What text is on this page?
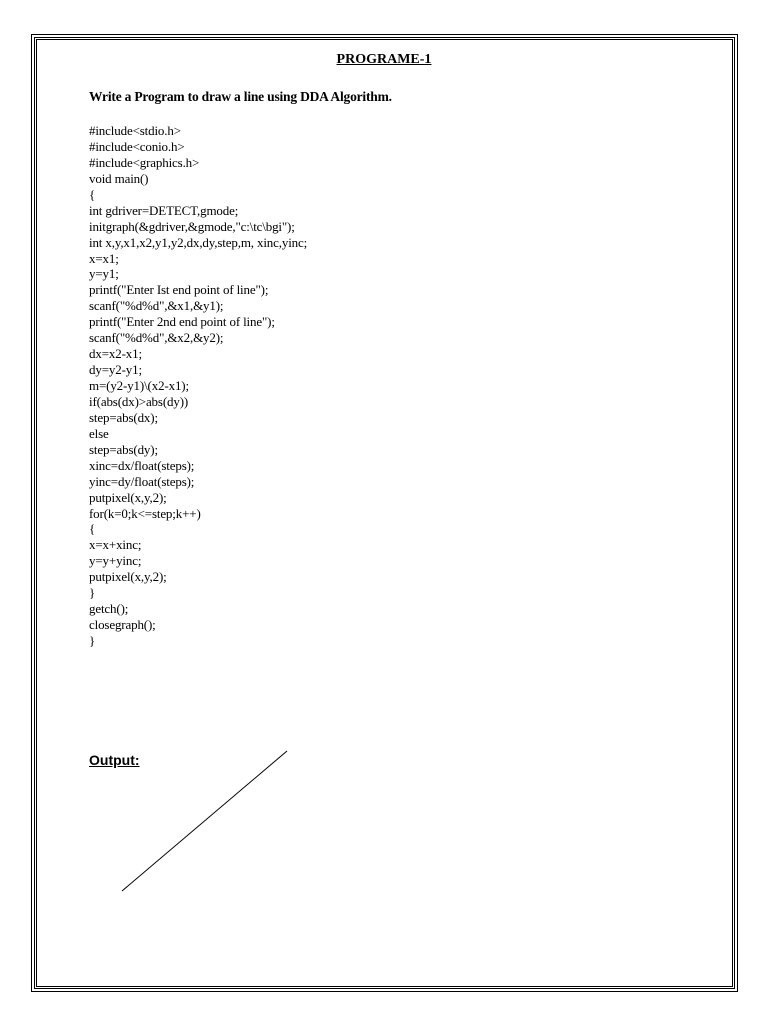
PROGRAME-1
Write a Program to draw a line using DDA Algorithm.
#include<stdio.h>
#include<conio.h>
#include<graphics.h>
void main()
{
int gdriver=DETECT,gmode;
initgraph(&gdriver,&gmode,"c:\tc\bgi");
int x,y,x1,x2,y1,y2,dx,dy,step,m, xinc,yinc;
x=x1;
y=y1;
printf("Enter Ist end point of line");
scanf("%d%d",&x1,&y1);
printf("Enter 2nd end point of line");
scanf("%d%d",&x2,&y2);
dx=x2-x1;
dy=y2-y1;
m=(y2-y1)\(x2-x1);
if(abs(dx)>abs(dy))
step=abs(dx);
else
step=abs(dy);
xinc=dx/float(steps);
yinc=dy/float(steps);
putpixel(x,y,2);
for(k=0;k<=step;k++)
{
x=x+xinc;
y=y+yinc;
putpixel(x,y,2);
}
getch();
closegraph();
}
Output:
